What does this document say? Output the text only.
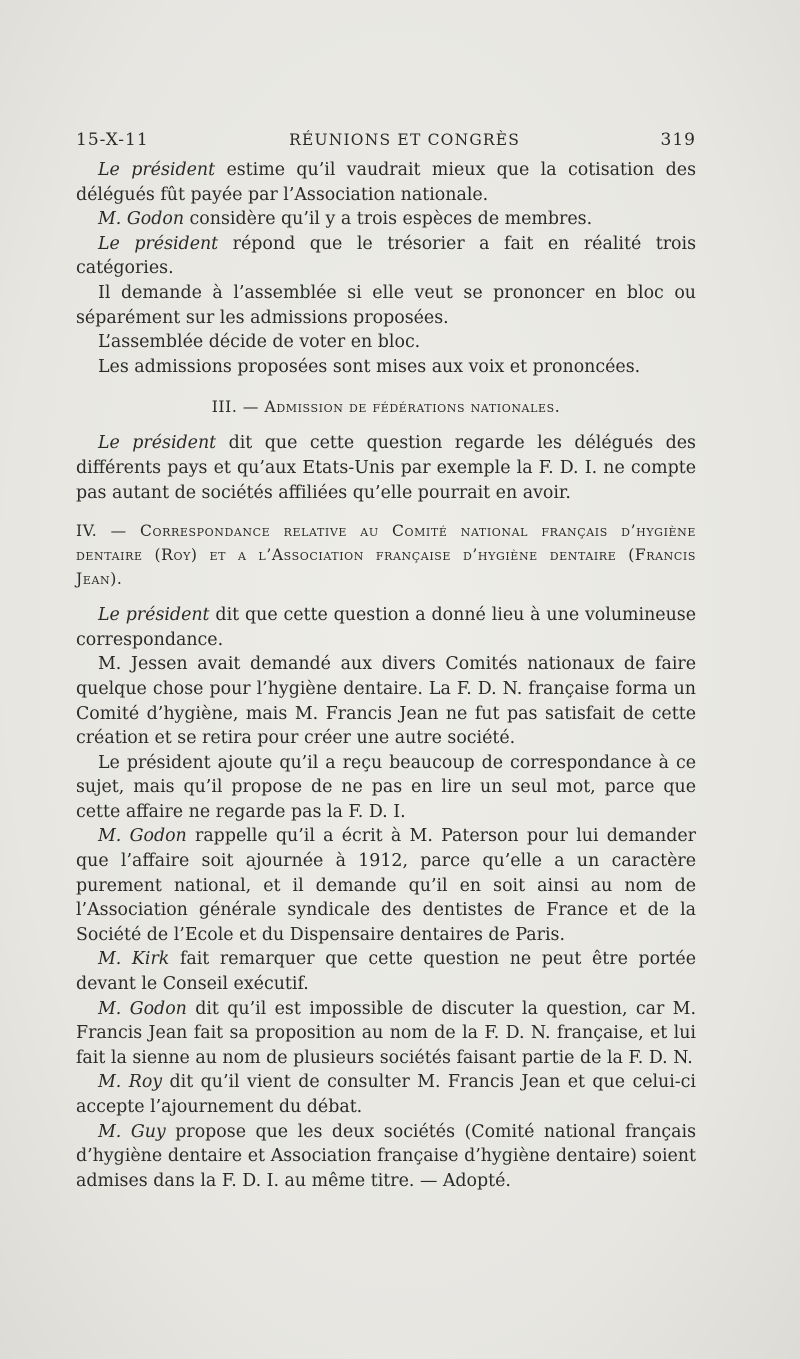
15-X-11	RÉUNIONS ET CONGRÈS	319

Le président estime qu’il vaudrait mieux que la cotisation des délégués fût payée par l’Association nationale.

M. Godon considère qu’il y a trois espèces de membres.

Le président répond que le trésorier a fait en réalité trois catégories.

Il demande à l’assemblée si elle veut se prononcer en bloc ou séparément sur les admissions proposées.

L’assemblée décide de voter en bloc.

Les admissions proposées sont mises aux voix et prononcées.

III. — Admission de fédérations nationales.

Le président dit que cette question regarde les délégués des différents pays et qu’aux Etats-Unis par exemple la F. D. I. ne compte pas autant de sociétés affiliées qu’elle pourrait en avoir.

IV. — Correspondance relative au Comité national français d’hygiène dentaire (Roy) et a l’Association française d’hygiène dentaire (Francis Jean).

Le président dit que cette question a donné lieu à une volumineuse correspondance.

M. Jessen avait demandé aux divers Comités nationaux de faire quelque chose pour l’hygiène dentaire. La F. D. N. française forma un Comité d’hygiène, mais M. Francis Jean ne fut pas satisfait de cette création et se retira pour créer une autre société.

Le président ajoute qu’il a reçu beaucoup de correspondance à ce sujet, mais qu’il propose de ne pas en lire un seul mot, parce que cette affaire ne regarde pas la F. D. I.

M. Godon rappelle qu’il a écrit à M. Paterson pour lui demander que l’affaire soit ajournée à 1912, parce qu’elle a un caractère purement national, et il demande qu’il en soit ainsi au nom de l’Association générale syndicale des dentistes de France et de la Société de l’Ecole et du Dispensaire dentaires de Paris.

M. Kirk fait remarquer que cette question ne peut être portée devant le Conseil exécutif.

M. Godon dit qu’il est impossible de discuter la question, car M. Francis Jean fait sa proposition au nom de la F. D. N. française, et lui fait la sienne au nom de plusieurs sociétés faisant partie de la F. D. N.

M. Roy dit qu’il vient de consulter M. Francis Jean et que celui-ci accepte l’ajournement du débat.

M. Guy propose que les deux sociétés (Comité national français d’hygiène dentaire et Association française d’hygiène dentaire) soient admises dans la F. D. I. au même titre. — Adopté.
